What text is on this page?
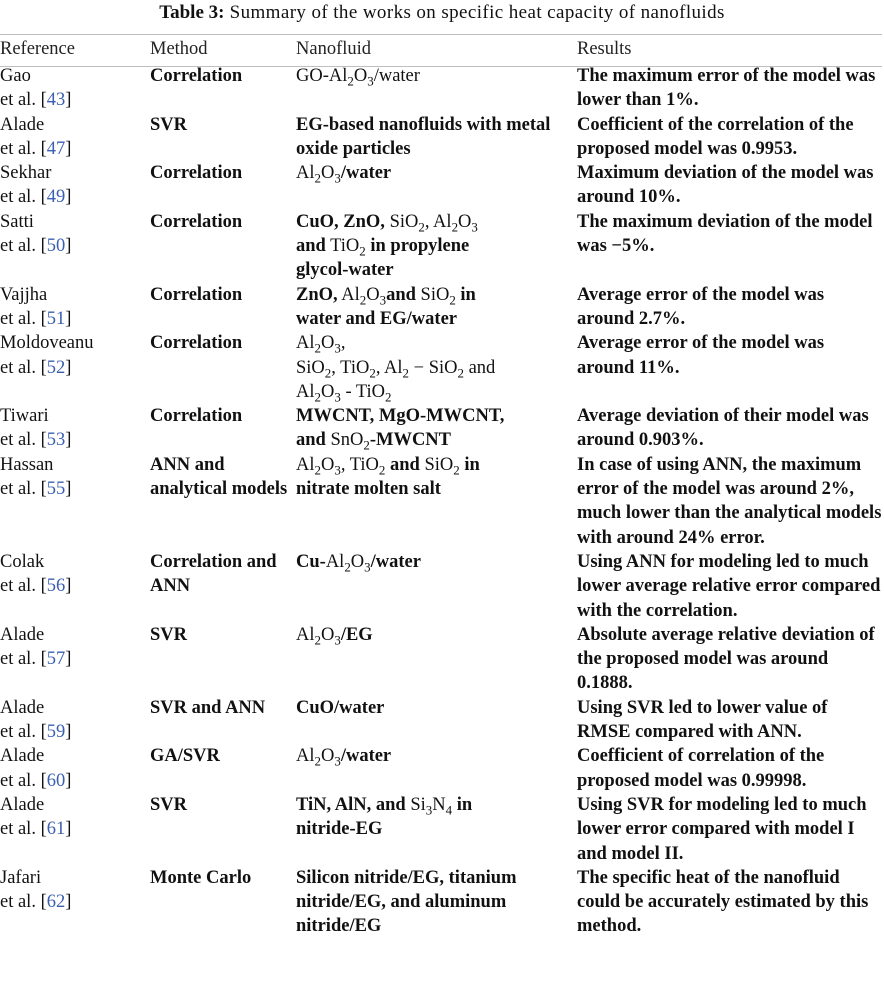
Table 3: Summary of the works on specific heat capacity of nanofluids
Reference	Method	Nanofluid	Results
Gao
et al. [43]	Correlation	$GO-Al_2O_3$/water	The maximum error of the model was lower than 1%.
Alade
et al. [47]	SVR	EG-based nanofluids with metal oxide particles	Coefficient of the correlation of the proposed model was 0.9953.
Sekhar
et al. [49]	Correlation	$Al_2O_3$/water	Maximum deviation of the model was around 10%.
Satti
et al. [50]	Correlation	CuO, ZnO, SiO$_2$, $Al_2O_3$
and TiO$_2$ in propylene
glycol-water	The maximum deviation of the model was −5%.
Vajjha
et al. [51]	Correlation	ZnO, $Al_2O_3and$ SiO$_2$ in
water and EG/water	Average error of the model was around 2.7%.
Moldoveanu
et al. [52]	Correlation	$Al_2O_3$,
SiO$_2$, TiO$_2$, $Al_2 - SiO_2$ and
$Al_2O_3 - TiO_2$	Average error of the model was around 11%.
Tiwari
et al. [53]	Correlation	MWCNT, MgO-MWCNT,
and SnO$_2$-MWCNT	Average deviation of their model was around 0.903%.
Hassan
et al. [55]	ANN and analytical models	$Al_2O_3$, TiO$_2$ and SiO$_2$ in
nitrate molten salt	In case of using ANN, the maximum error of the model was around 2%, much lower than the analytical models with around 24% error.
Colak
et al. [56]	Correlation and ANN	$Cu-Al_2O_3$/water	Using ANN for modeling led to much lower average relative error compared with the correlation.
Alade
et al. [57]	SVR	$Al_2O_3/EG$	Absolute average relative deviation of the proposed model was around 0.1888.
Alade
et al. [59]	SVR and ANN	CuO/water	Using SVR led to lower value of RMSE compared with ANN.
Alade
et al. [60]	GA/SVR	$Al_2O_3$/water	Coefficient of correlation of the proposed model was 0.99998.
Alade
et al. [61]	SVR	TiN, AlN, and $Si_3N_4$ in
nitride-EG	Using SVR for modeling led to much lower error compared with model I and model II.
Jafari
et al. [62]	Monte Carlo	Silicon nitride/EG, titanium nitride/EG, and aluminum nitride/EG	The specific heat of the nanofluid could be accurately estimated by this method.
